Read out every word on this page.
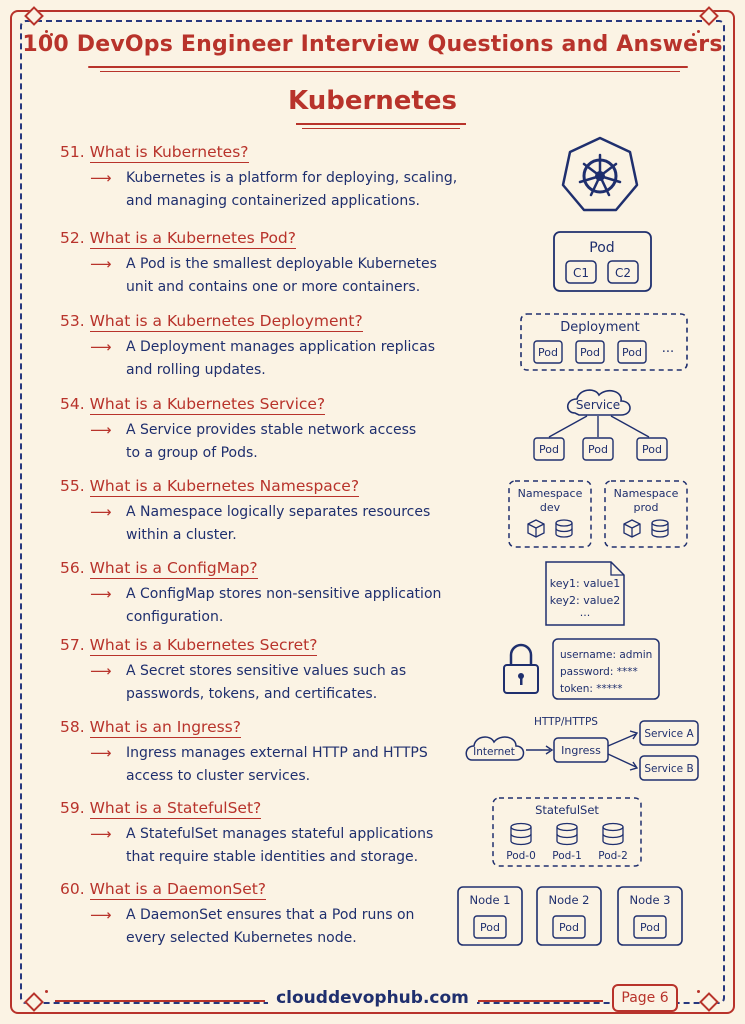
100 DevOps Engineer Interview Questions and Answers
Kubernetes
51. What is Kubernetes?
⟶ Kubernetes is a platform for deploying, scaling,
and managing containerized applications.
52. What is a Kubernetes Pod?
⟶ A Pod is the smallest deployable Kubernetes
unit and contains one or more containers.
53. What is a Kubernetes Deployment?
⟶ A Deployment manages application replicas
and rolling updates.
54. What is a Kubernetes Service?
⟶ A Service provides stable network access
to a group of Pods.
55. What is a Kubernetes Namespace?
⟶ A Namespace logically separates resources
within a cluster.
56. What is a ConfigMap?
⟶ A ConfigMap stores non-sensitive application
configuration.
57. What is a Kubernetes Secret?
⟶ A Secret stores sensitive values such as
passwords, tokens, and certificates.
58. What is an Ingress?
⟶ Ingress manages external HTTP and HTTPS
access to cluster services.
59. What is a StatefulSet?
⟶ A StatefulSet manages stateful applications
that require stable identities and storage.
60. What is a DaemonSet?
⟶ A DaemonSet ensures that a Pod runs on
every selected Kubernetes node.
Pod
C1 C2
Deployment
Pod Pod Pod ···
Service
Pod	Pod	Pod
Namespace
dev
Namespace
prod
key1: value1
key2: value2
···
username: admin
password: ****
token: *****
HTTP/HTTPS
Internet	Ingress
Service A
Service B
StatefulSet
Pod-0 Pod-1 Pod-2
Node 1
Pod
Node 2
Pod
Node 3
Pod
clouddevophub.com	Page 6
